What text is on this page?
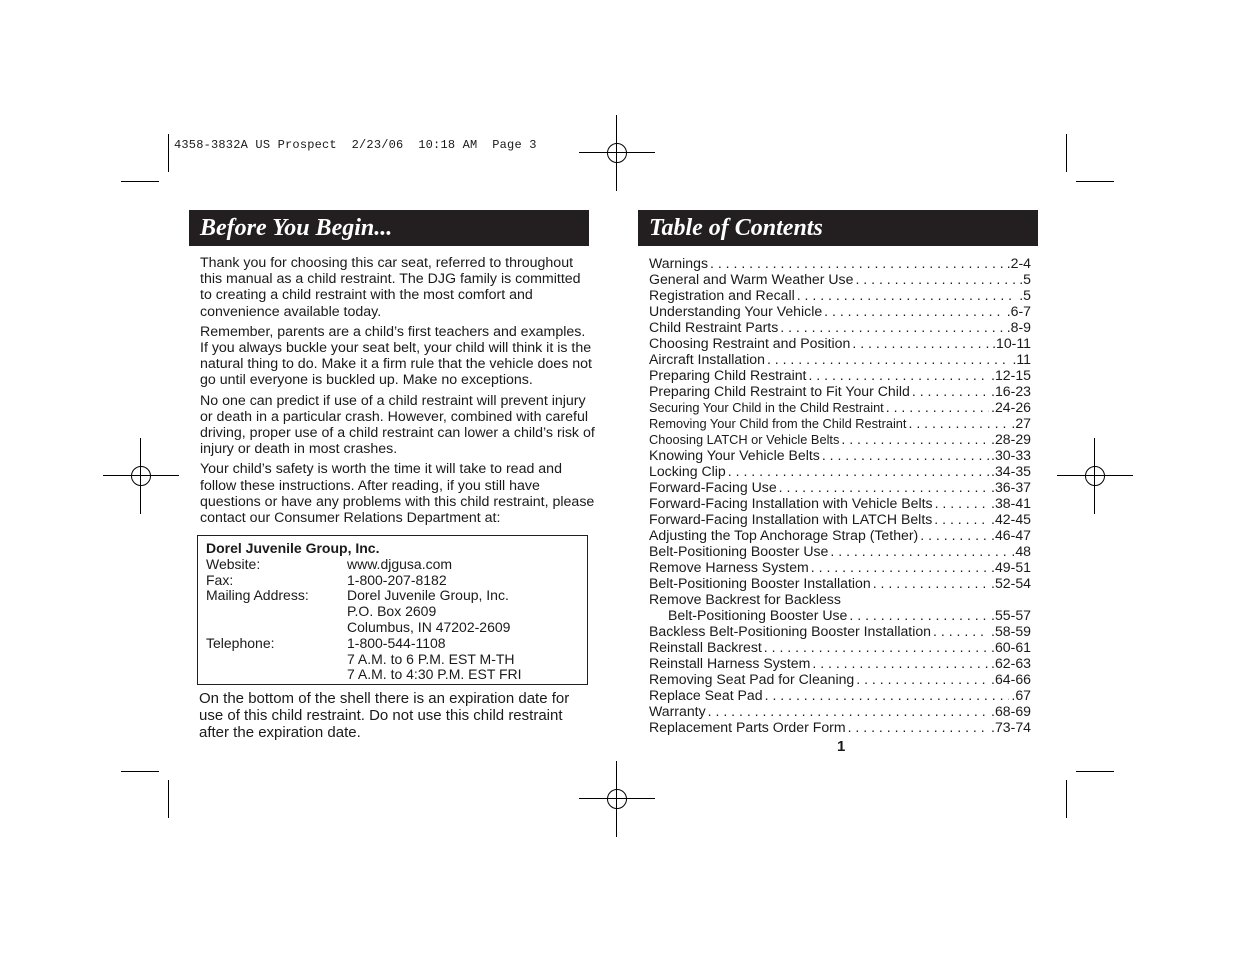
4358-3832A US Prospect  2/23/06  10:18 AM  Page 3
Before You Begin...

Thank you for choosing this car seat, referred to throughout this manual as a child restraint. The DJG family is committed to creating a child restraint with the most comfort and convenience available today.

Remember, parents are a child’s first teachers and examples. If you always buckle your seat belt, your child will think it is the natural thing to do. Make it a firm rule that the vehicle does not go until everyone is buckled up. Make no exceptions.

No one can predict if use of a child restraint will prevent injury or death in a particular crash. However, combined with careful driving, proper use of a child restraint can lower a child’s risk of injury or death in most crashes.

Your child’s safety is worth the time it will take to read and follow these instructions. After reading, if you still have questions or have any problems with this child restraint, please contact our Consumer Relations Department at:

Dorel Juvenile Group, Inc.
Website:	www.djgusa.com
Fax:	1-800-207-8182
Mailing Address:	Dorel Juvenile Group, Inc.
P.O. Box 2609
Columbus, IN 47202-2609
Telephone:	1-800-544-1108
7 A.M. to 6 P.M. EST M-TH
7 A.M. to 4:30 P.M. EST FRI
On the bottom of the shell there is an expiration date for use of this child restraint. Do not use this child restraint after the expiration date.
Table of Contents
Warnings . . .	.2-4
General and Warm Weather Use . . .	.5
Registration and Recall . . .	.5
Understanding Your Vehicle . . .	.6-7
Child Restraint Parts . . .	.8-9
Choosing Restraint and Position . . .	.10-11
Aircraft Installation . . .	.11
Preparing Child Restraint . . .	.12-15
Preparing Child Restraint to Fit Your Child . . .	.16-23
Securing Your Child in the Child Restraint . . .	.24-26
Removing Your Child from the Child Restraint . . .	.27
Choosing LATCH or Vehicle Belts . . .	.28-29
Knowing Your Vehicle Belts . . .	.30-33
Locking Clip . . .	.34-35
Forward-Facing Use . . .	.36-37
Forward-Facing Installation with Vehicle Belts . . .	.38-41
Forward-Facing Installation with LATCH Belts . . .	.42-45
Adjusting the Top Anchorage Strap (Tether) . . .	.46-47
Belt-Positioning Booster Use . . .	.48
Remove Harness System . . .	.49-51
Belt-Positioning Booster Installation . . .	.52-54
Remove Backrest for Backless
Belt-Positioning Booster Use . . .	.55-57
Backless Belt-Positioning Booster Installation . . .	.58-59
Reinstall Backrest . . .	.60-61
Reinstall Harness System . . .	.62-63
Removing Seat Pad for Cleaning . . .	.64-66
Replace Seat Pad . . .	.67
Warranty . . .	.68-69
Replacement Parts Order Form . . .	.73-74
1
